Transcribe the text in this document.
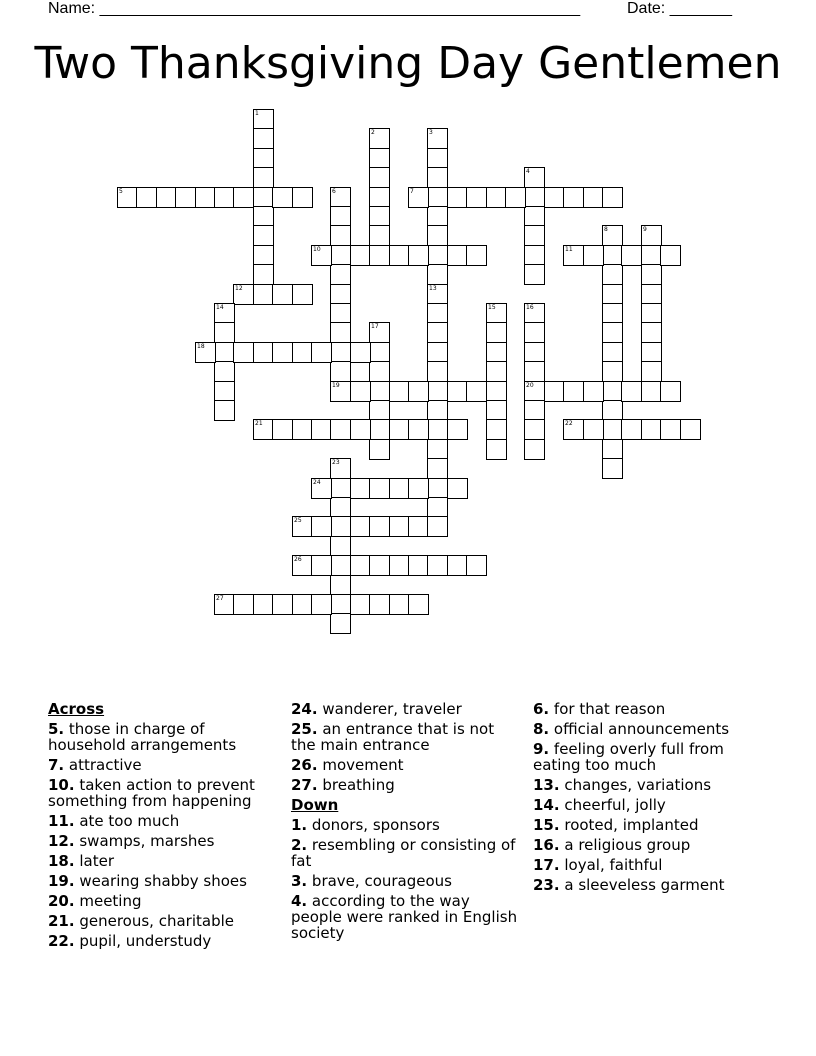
Name: ______________________________________________________	Date: _______
Two Thanksgiving Day Gentlemen
1
2	3
13
4
5	6
19
7
8	9
10	11
12
14	15	16
20
17
18
21	22
23
24
25
26
27
Across
5. those in charge of household arrangements
7. attractive
10. taken action to prevent something from happening
11. ate too much
12. swamps, marshes
18. later
19. wearing shabby shoes
20. meeting
21. generous, charitable
22. pupil, understudy
24. wanderer, traveler
25. an entrance that is not the main entrance
26. movement
27. breathing
Down
1. donors, sponsors
2. resembling or consisting of fat
3. brave, courageous
4. according to the way people were ranked in English society
6. for that reason
8. official announcements
9. feeling overly full from eating too much
13. changes, variations
14. cheerful, jolly
15. rooted, implanted
16. a religious group
17. loyal, faithful
23. a sleeveless garment
